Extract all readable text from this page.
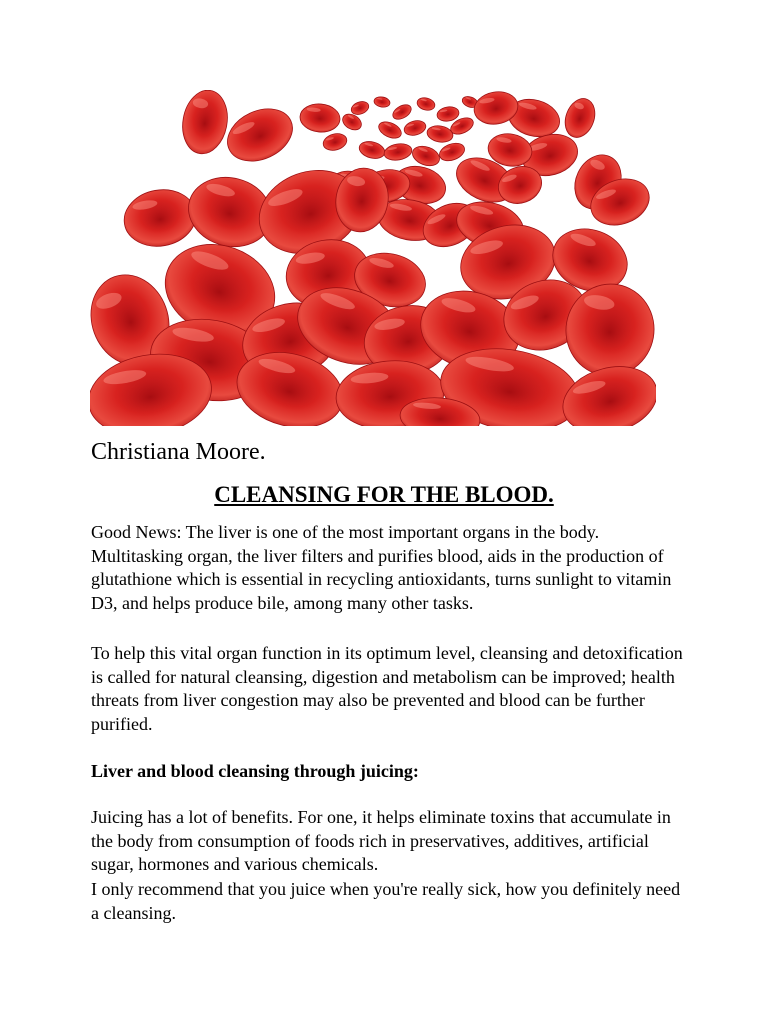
Christiana Moore.
CLEANSING FOR THE BLOOD.

Good News: The liver is one of the most important organs in the body. Multitasking organ, the liver filters and purifies blood, aids in the production of glutathione which is essential in recycling antioxidants, turns sunlight to vitamin D3, and helps produce bile, among many other tasks.

To help this vital organ function in its optimum level, cleansing and detoxification is called for natural cleansing, digestion and metabolism can be improved; health threats from liver congestion may also be prevented and blood can be further purified.

Liver and blood cleansing through juicing:

Juicing has a lot of benefits. For one, it helps eliminate toxins that accumulate in the body from consumption of foods rich in preservatives, additives, artificial sugar, hormones and various chemicals.

I only recommend that you juice when you're really sick, how you definitely need a cleansing.
